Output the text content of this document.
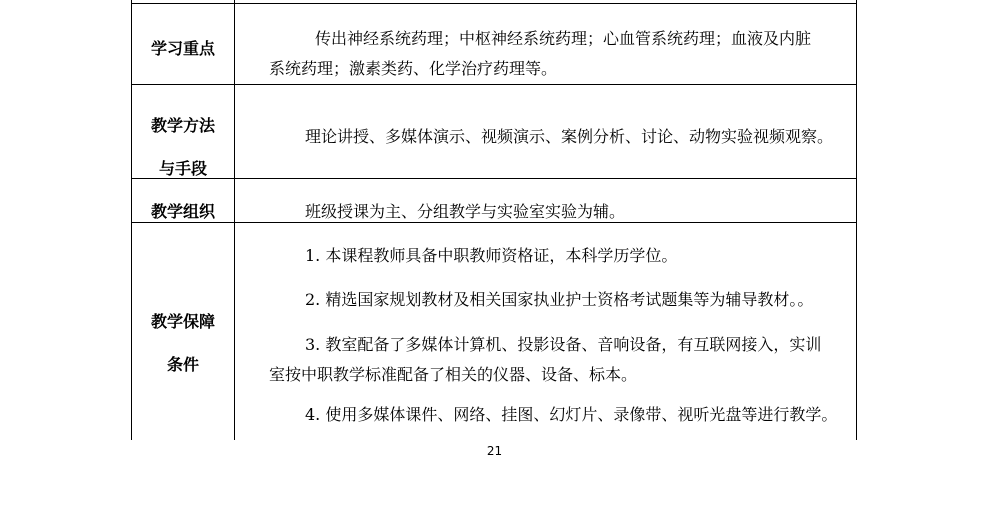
学习重点
传出神经系统药理；中枢神经系统药理；心血管系统药理；血液及内脏
系统药理；激素类药、化学治疗药理等。
教学方法
与手段
理论讲授、多媒体演示、视频演示、案例分析、讨论、动物实验视频观察。
教学组织	班级授课为主、分组教学与实验室实验为辅。
教学保障
条件
1. 本课程教师具备中职教师资格证，本科学历学位。
2. 精选国家规划教材及相关国家执业护士资格考试题集等为辅导教材。。
3. 教室配备了多媒体计算机、投影设备、音响设备，有互联网接入，实训
室按中职教学标准配备了相关的仪器、设备、标本。
4. 使用多媒体课件、网络、挂图、幻灯片、录像带、视听光盘等进行教学。
21
